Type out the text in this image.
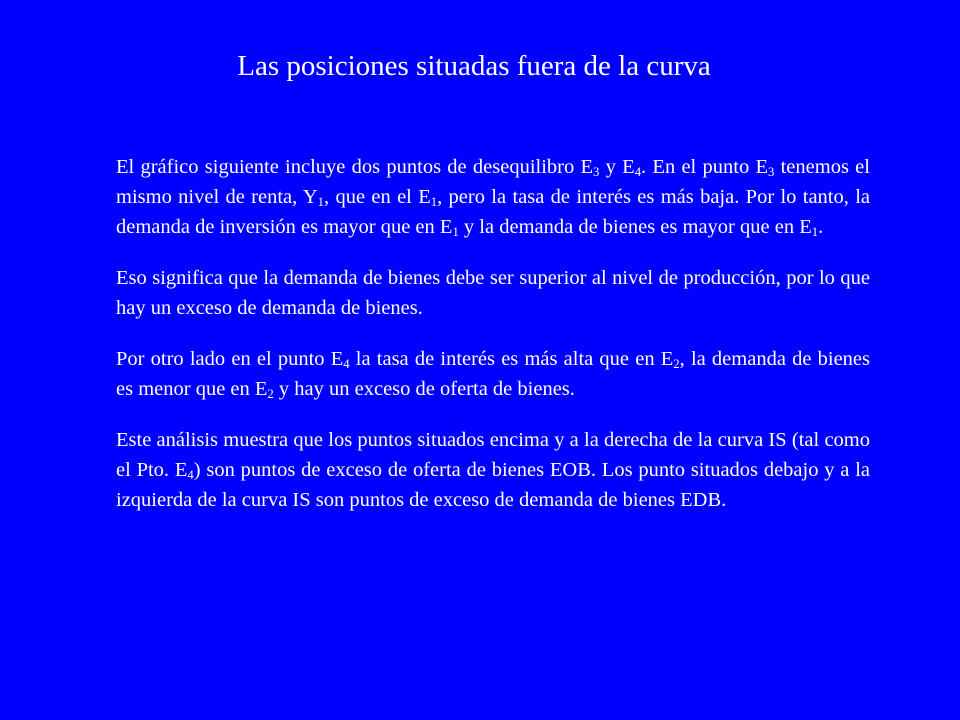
Las posiciones situadas fuera de la curva

El gráfico siguiente incluye dos puntos de desequilibro $E_3$ y $E_4$. En el punto $E_3$ tenemos el mismo nivel de renta, $Y_1$, que en el $E_1$, pero la tasa de interés es más baja. Por lo tanto, la demanda de inversión es mayor que en $E_1$ y la demanda de bienes es mayor que en $E_1$.

Eso significa que la demanda de bienes debe ser superior al nivel de producción, por lo que hay un exceso de demanda de bienes.

Por otro lado en el punto $E_4$ la tasa de interés es más alta que en $E_2$, la demanda de bienes es menor que en $E_2$ y hay un exceso de oferta de bienes.

Este análisis muestra que los puntos situados encima y a la derecha de la curva IS (tal como el Pto. $E_4$) son puntos de exceso de oferta de bienes EOB. Los punto situados debajo y a la izquierda de la curva IS son puntos de exceso de demanda de bienes EDB.
